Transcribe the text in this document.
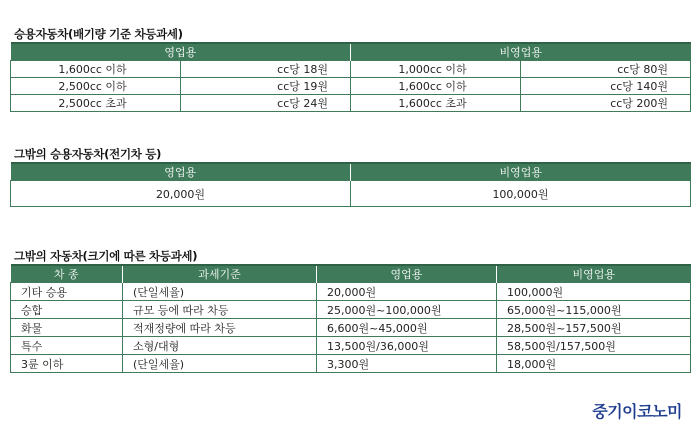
승용자동차(배기량 기준 차등과세)
영업용		비영업용	
1,600cc 이하	cc당 18원	1,000cc 이하	cc당 80원
2,500cc 이하	cc당 19원	1,600cc 이하	cc당 140원
2,500cc 초과	cc당 24원	1,600cc 초과	cc당 200원
그밖의 승용자동차(전기차 등)
영업용	비영업용
20,000원	100,000원
그밖의 자동차(크기에 따른 차등과세)
차 종	과세기준	영업용	비영업용
기타 승용	(단일세율)	20,000원	100,000원
승합	규모 등에 따라 차등	25,000원~100,000원	65,000원~115,000원
화물	적재정량에 따라 차등	6,600원~45,000원	28,500원~157,500원
특수	소형/대형	13,500원/36,000원	58,500원/157,500원
3륜 이하	(단일세율)	3,300원	18,000원
중기이코노미
